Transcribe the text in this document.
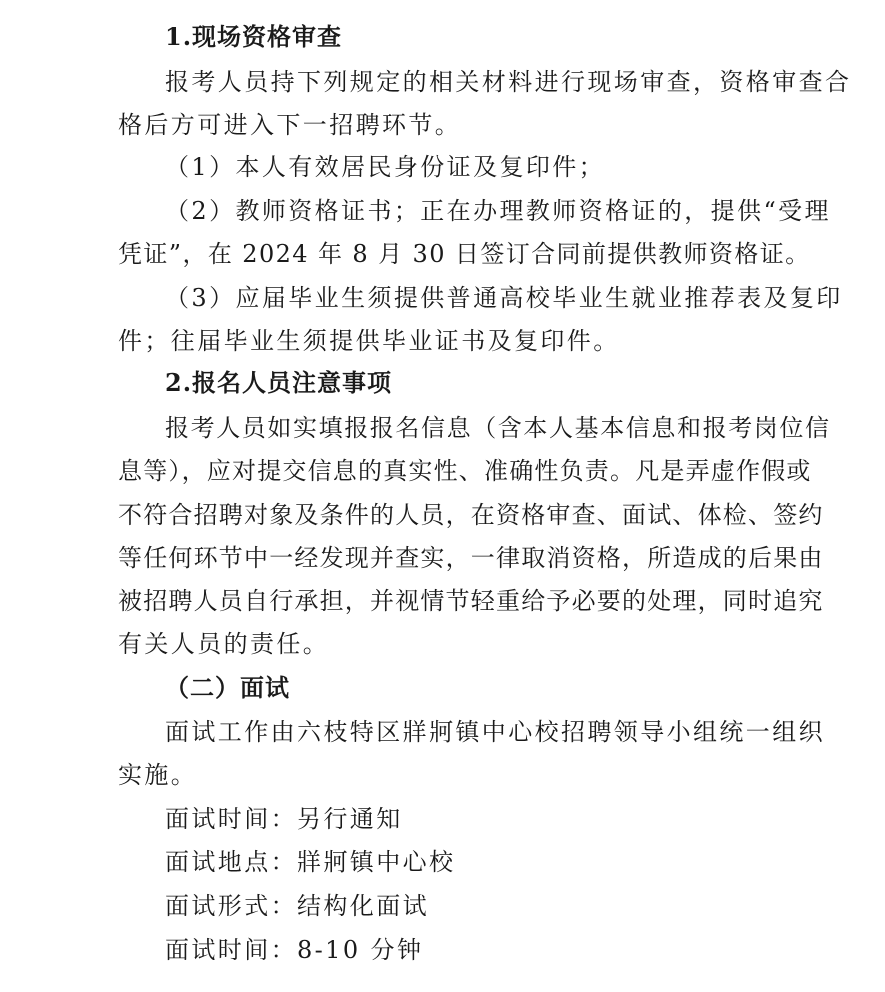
1.现场资格审查
报考人员持下列规定的相关材料进行现场审查，资格审查合
格后方可进入下一招聘环节。
（1）本人有效居民身份证及复印件；
（2）教师资格证书；正在办理教师资格证的，提供“受理
凭证”，在 2024 年 8 月 30 日签订合同前提供教师资格证。
（3）应届毕业生须提供普通高校毕业生就业推荐表及复印
件；往届毕业生须提供毕业证书及复印件。
2.报名人员注意事项
报考人员如实填报报名信息（含本人基本信息和报考岗位信
息等），应对提交信息的真实性、准确性负责。凡是弄虚作假或
不符合招聘对象及条件的人员，在资格审查、面试、体检、签约
等任何环节中一经发现并查实，一律取消资格，所造成的后果由
被招聘人员自行承担，并视情节轻重给予必要的处理，同时追究
有关人员的责任。
（二）面试
面试工作由六枝特区牂牁镇中心校招聘领导小组统一组织
实施。
面试时间：另行通知
面试地点：牂牁镇中心校
面试形式：结构化面试
面试时间：8-10 分钟
